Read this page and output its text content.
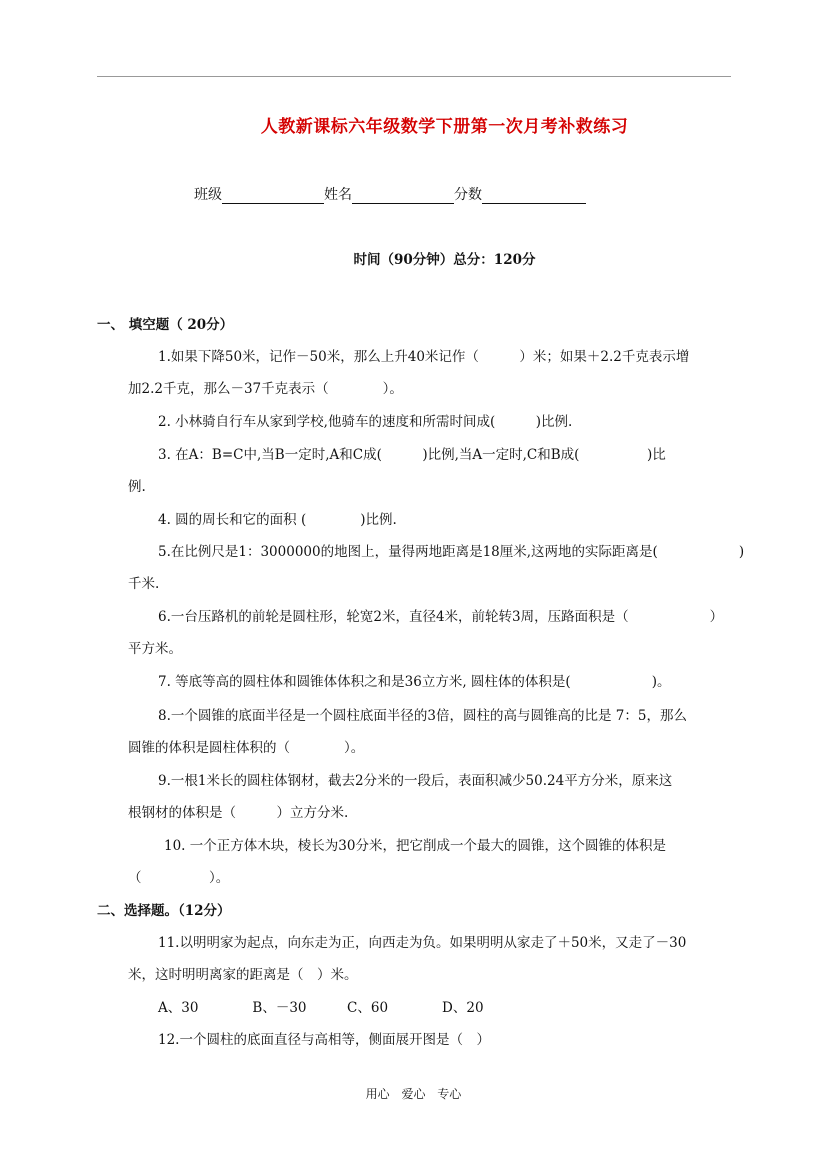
人教新课标六年级数学下册第一次月考补救练习
班级	姓名	分数
时间（90分钟）总分：120分
一、 填空题（ 20分）
1.如果下降50米，记作－50米，那么上升40米记作（　　　）米；如果＋2.2千克表示增
加2.2千克，那么－37千克表示（　　　　）。
2. 小林骑自行车从家到学校,他骑车的速度和所需时间成(　　　)比例.
3. 在A：B=C中,当B一定时,A和C成(　　　)比例,当A一定时,C和B成(　　　　　)比
例.
4. 圆的周长和它的面积 (　　　　)比例.
5.在比例尺是1：3000000的地图上，量得两地距离是18厘米,这两地的实际距离是(　　　　　　)
千米.
6.一台压路机的前轮是圆柱形，轮宽2米，直径4米，前轮转3周，压路面积是（　　　　　　）
平方米。
7. 等底等高的圆柱体和圆锥体体积之和是36立方米, 圆柱体的体积是(　　　　　　)。
8.一个圆锥的底面半径是一个圆柱底面半径的3倍，圆柱的高与圆锥高的比是 7：5，那么
圆锥的体积是圆柱体积的（　　　　）。
9.一根1米长的圆柱体钢材，截去2分米的一段后，表面积减少50.24平方分米，原来这
根钢材的体积是（　　　）立方分米.
10. 一个正方体木块，棱长为30分米，把它削成一个最大的圆锥，这个圆锥的体积是
（　　　　　）。
二、选择题。（12分）
11.以明明家为起点，向东走为正，向西走为负。如果明明从家走了＋50米，又走了－30
米，这时明明离家的距离是（　）米。
A、30　　　　B、－30　　　C、60　　　　D、20
12.一个圆柱的底面直径与高相等，侧面展开图是（　）
用心 爱心 专心
